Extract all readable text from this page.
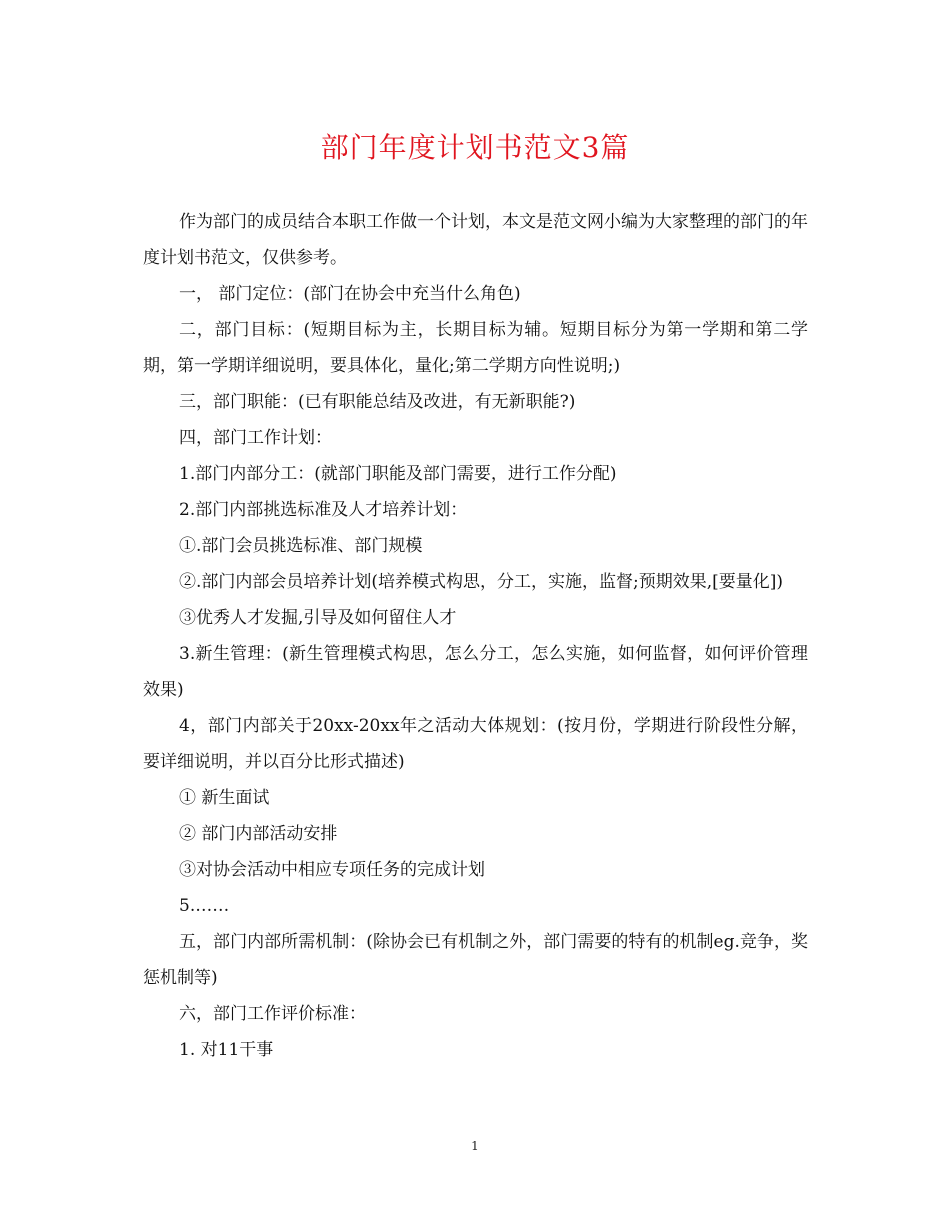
部门年度计划书范文3篇

作为部门的成员结合本职工作做一个计划，本文是范文网小编为大家整理的部门的年度计划书范文，仅供参考。

一， 部门定位：(部门在协会中充当什么角色)

二，部门目标：(短期目标为主，长期目标为辅。短期目标分为第一学期和第二学期，第一学期详细说明，要具体化，量化;第二学期方向性说明;)

三，部门职能：(已有职能总结及改进，有无新职能?)

四，部门工作计划：

1.部门内部分工：(就部门职能及部门需要，进行工作分配)

2.部门内部挑选标准及人才培养计划：

①.部门会员挑选标准、部门规模

②.部门内部会员培养计划(培养模式构思，分工，实施，监督;预期效果,[要量化])

③优秀人才发掘,引导及如何留住人才

3.新生管理：(新生管理模式构思，怎么分工，怎么实施，如何监督，如何评价管理效果)

4，部门内部关于20xx-20xx年之活动大体规划：(按月份，学期进行阶段性分解，要详细说明，并以百分比形式描述)

① 新生面试

② 部门内部活动安排

③对协会活动中相应专项任务的完成计划

5.……

五，部门内部所需机制：(除协会已有机制之外，部门需要的特有的机制eg.竞争，奖惩机制等)

六，部门工作评价标准：

1. 对11干事

1
